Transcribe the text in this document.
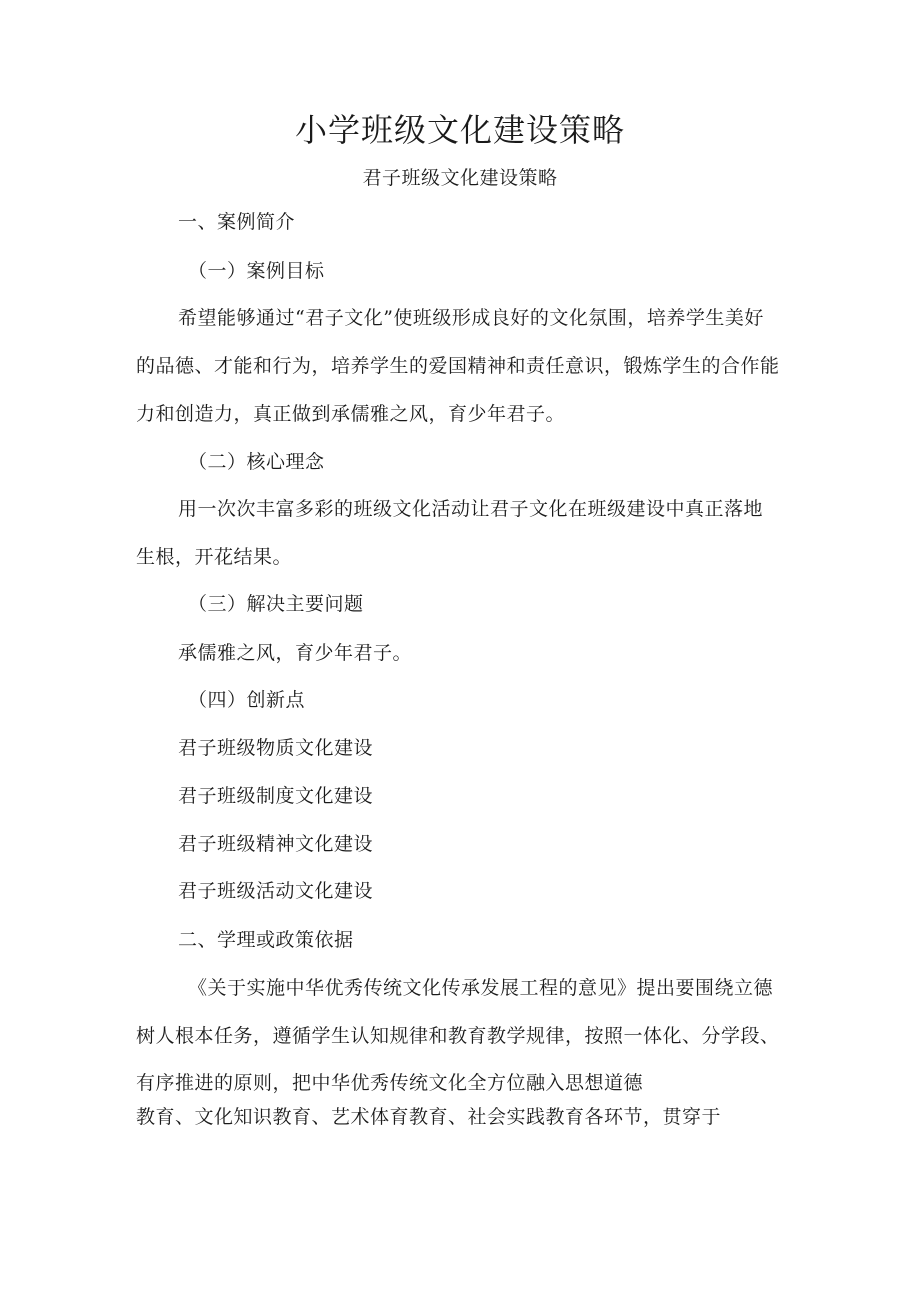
小学班级文化建设策略
君子班级文化建设策略
一、案例简介
（一）案例目标
希望能够通过“君子文化”使班级形成良好的文化氛围，培养学生美好
的品德、才能和行为，培养学生的爱国精神和责任意识，锻炼学生的合作能
力和创造力，真正做到承儒雅之风，育少年君子。
（二）核心理念
用一次次丰富多彩的班级文化活动让君子文化在班级建设中真正落地
生根，开花结果。
（三）解决主要问题
承儒雅之风，育少年君子。
（四）创新点
君子班级物质文化建设
君子班级制度文化建设
君子班级精神文化建设
君子班级活动文化建设
二、学理或政策依据
《关于实施中华优秀传统文化传承发展工程的意见》提出要围绕立德
树人根本任务，遵循学生认知规律和教育教学规律，按照一体化、分学段、
有序推进的原则，把中华优秀传统文化全方位融入思想道德
教育、文化知识教育、艺术体育教育、社会实践教育各环节，贯穿于
